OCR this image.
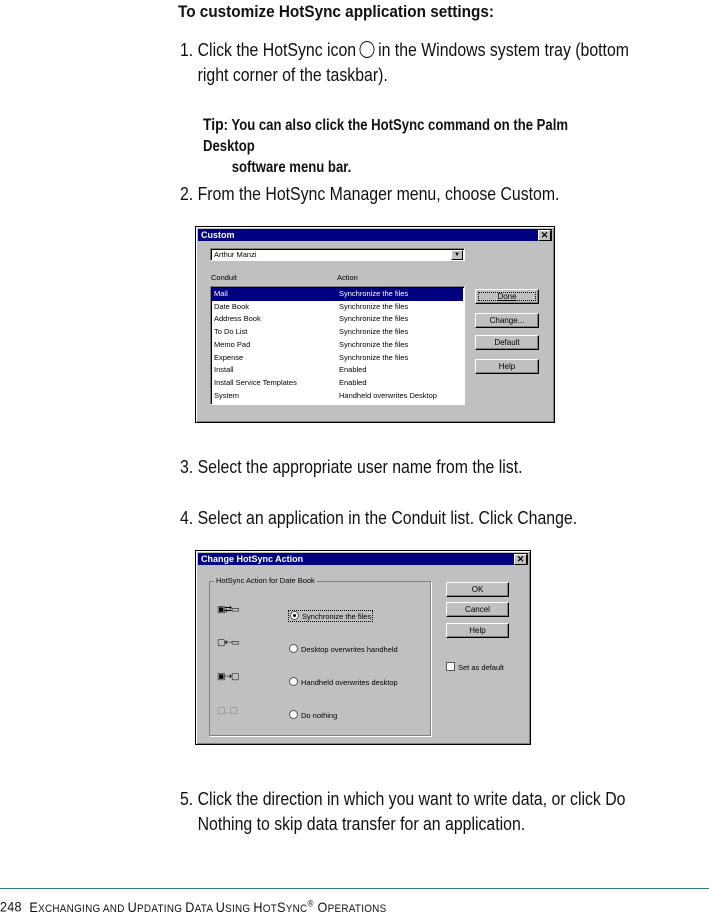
To customize HotSync application settings:
1. Click the HotSync icon in the Windows system tray (bottom
right corner of the taskbar).
Tip: You can also click the HotSync command on the Palm Desktop
software menu bar.
2. From the HotSync Manager menu, choose Custom.
Custom	✕
Arthur Manzi	▼
Conduit	Action
Mail	Synchronize the files
Date Book	Synchronize the files
Address Book	Synchronize the files
To Do List	Synchronize the files
Memo Pad	Synchronize the files
Expense	Synchronize the files
Install	Enabled
Install Service Templates	Enabled
System	Handheld overwrites Desktop
Done
Change...
Default
Help
3. Select the appropriate user name from the list.
4. Select an application in the Conduit list. Click Change.
Change HotSync Action	✕
HotSync Action for Date Book
▣⇄▭
▢⇠▭
▣⇢▢
▢‥▢
Synchronize the files
Desktop overwrites handheld
Handheld overwrites desktop
Do nothing
OK
Cancel
Help
Set as default
5. Click the direction in which you want to write data, or click Do
Nothing to skip data transfer for an application.
248 EXCHANGING AND UPDATING DATA USING HOTSYNC® OPERATIONS
